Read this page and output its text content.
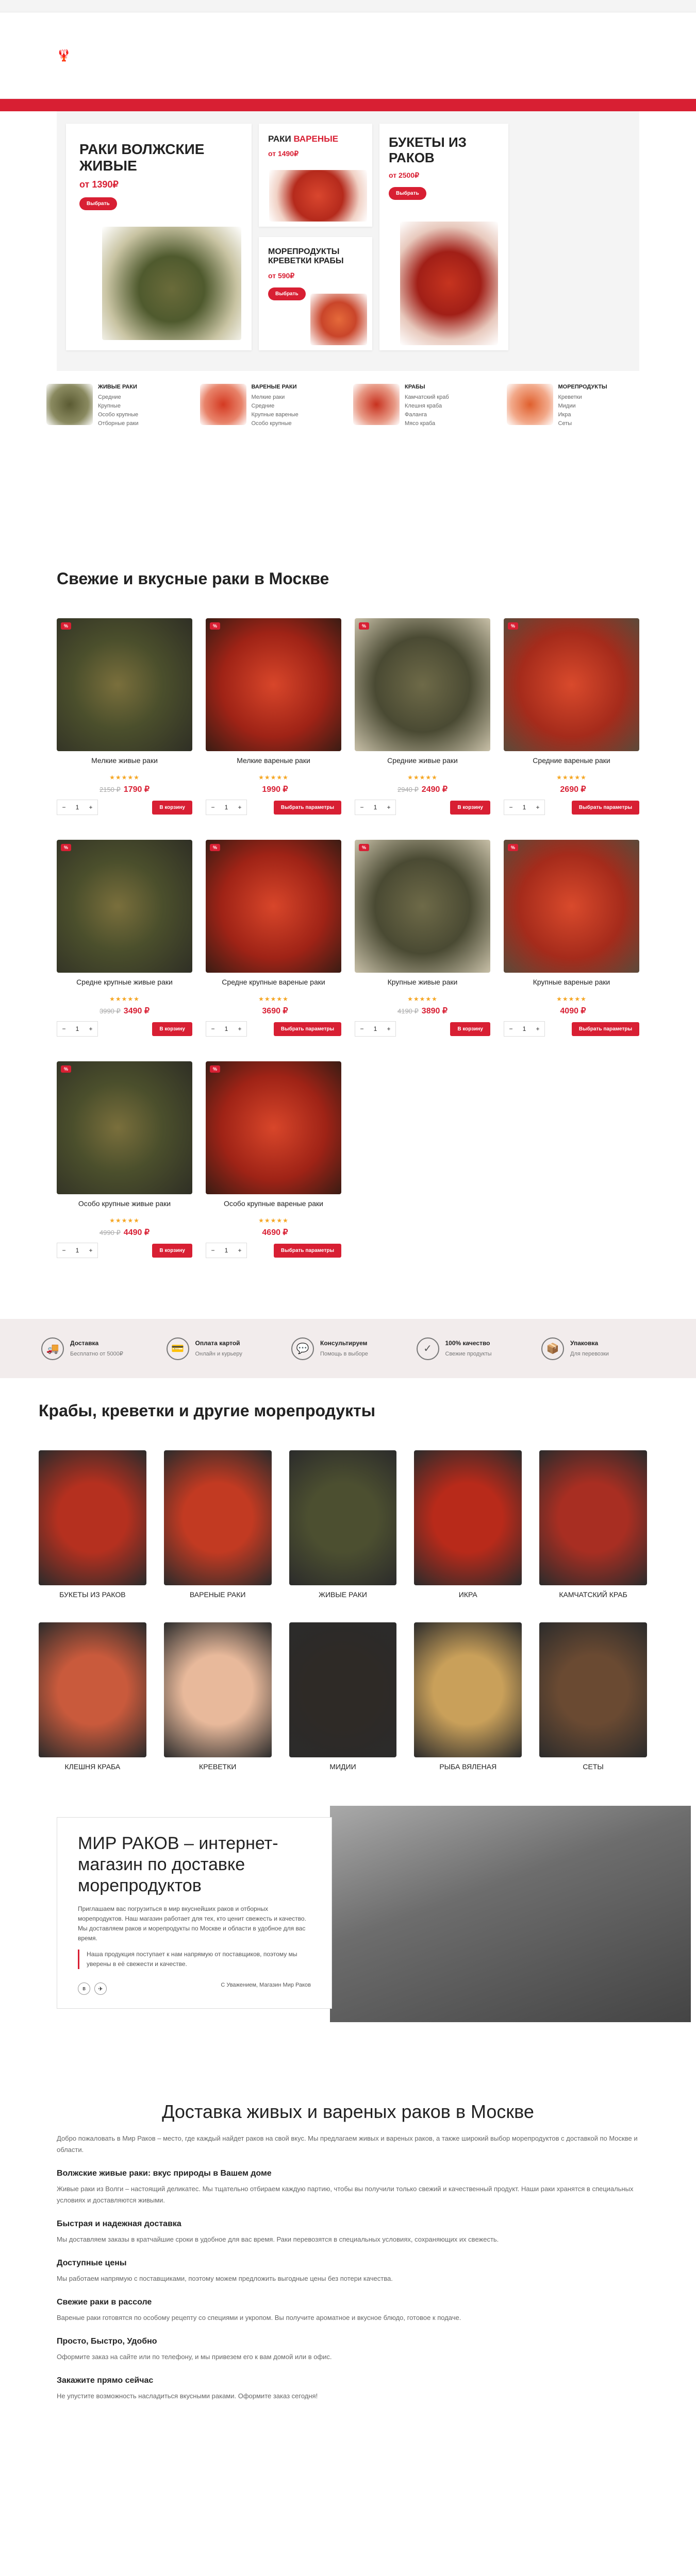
🦞
РАКИ ВОЛЖСКИЕ
ЖИВЫЕ
от 1390₽
Выбрать
РАКИ ВАРЕНЫЕ
от 1490₽
БУКЕТЫ ИЗ РАКОВ
от 2500₽
Выбрать
МОРЕПРОДУКТЫ КРЕВЕТКИ КРАБЫ
от 590₽
Выбрать
ЖИВЫЕ РАКИ
Средние
Крупные
Особо крупные
Отборные раки
ВАРЕНЫЕ РАКИ
Мелкие раки
Средние
Крупные вареные
Особо крупные
КРАБЫ
Камчатский краб
Клешня краба
Фаланга
Мясо краба
МОРЕПРОДУКТЫ
Креветки
Мидии
Икра
Сеты
Свежие и вкусные раки в Москве
%
Мелкие живые раки
★★★★★
2150 ₽ 1790 ₽
−	1	+	В корзину
%
Мелкие вареные раки
★★★★★
1990 ₽
−	1	+	Выбрать параметры
%
Средние живые раки
★★★★★
2940 ₽ 2490 ₽
−	1	+	В корзину
%
Средние вареные раки
★★★★★
2690 ₽
−	1	+	Выбрать параметры
%
Средне крупные живые раки
★★★★★
3990 ₽ 3490 ₽
−	1	+	В корзину
%
Средне крупные вареные раки
★★★★★
3690 ₽
−	1	+	Выбрать параметры
%
Крупные живые раки
★★★★★
4190 ₽ 3890 ₽
−	1	+	В корзину
%
Крупные вареные раки
★★★★★
4090 ₽
−	1	+	Выбрать параметры
%
Особо крупные живые раки
★★★★★
4990 ₽ 4490 ₽
−	1	+	В корзину
%
Особо крупные вареные раки
★★★★★
4690 ₽
−	1	+	Выбрать параметры
🚚
Доставка
Бесплатно от 5000₽	💳
Оплата картой
Онлайн и курьеру	💬
Консультируем
Помощь в выборе	✓
100% качество
Свежие продукты	📦
Упаковка
Для перевозки
Крабы, креветки и другие морепродукты
БУКЕТЫ ИЗ РАКОВ	ВАРЕНЫЕ РАКИ	ЖИВЫЕ РАКИ	ИКРА	КАМЧАТСКИЙ КРАБ
КЛЕШНЯ КРАБА	КРЕВЕТКИ	МИДИИ	РЫБА ВЯЛЕНАЯ	СЕТЫ
МИР РАКОВ – интернет-магазин по доставке морепродуктов

Приглашаем вас погрузиться в мир вкуснейших раков и отборных морепродуктов. Наш магазин работает для тех, кто ценит свежесть и качество. Мы доставляем раков и морепродукты по Москве и области в удобное для вас время.

Наша продукция поступает к нам напрямую от поставщиков, поэтому мы уверены в её свежести и качестве.

в	✈
С Уважением, Магазин Мир Раков
Доставка живых и вареных раков в Москве

Добро пожаловать в Мир Раков – место, где каждый найдет раков на свой вкус. Мы предлагаем живых и вареных раков, а также широкий выбор морепродуктов с доставкой по Москве и области.

Волжские живые раки: вкус природы в Вашем доме

Живые раки из Волги – настоящий деликатес. Мы тщательно отбираем каждую партию, чтобы вы получили только свежий и качественный продукт. Наши раки хранятся в специальных условиях и доставляются живыми.

Быстрая и надежная доставка

Мы доставляем заказы в кратчайшие сроки в удобное для вас время. Раки перевозятся в специальных условиях, сохраняющих их свежесть.

Доступные цены

Мы работаем напрямую с поставщиками, поэтому можем предложить выгодные цены без потери качества.

Свежие раки в рассоле

Вареные раки готовятся по особому рецепту со специями и укропом. Вы получите ароматное и вкусное блюдо, готовое к подаче.

Просто, Быстро, Удобно

Оформите заказ на сайте или по телефону, и мы привезем его к вам домой или в офис.

Закажите прямо сейчас

Не упустите возможность насладиться вкусными раками. Оформите заказ сегодня!
